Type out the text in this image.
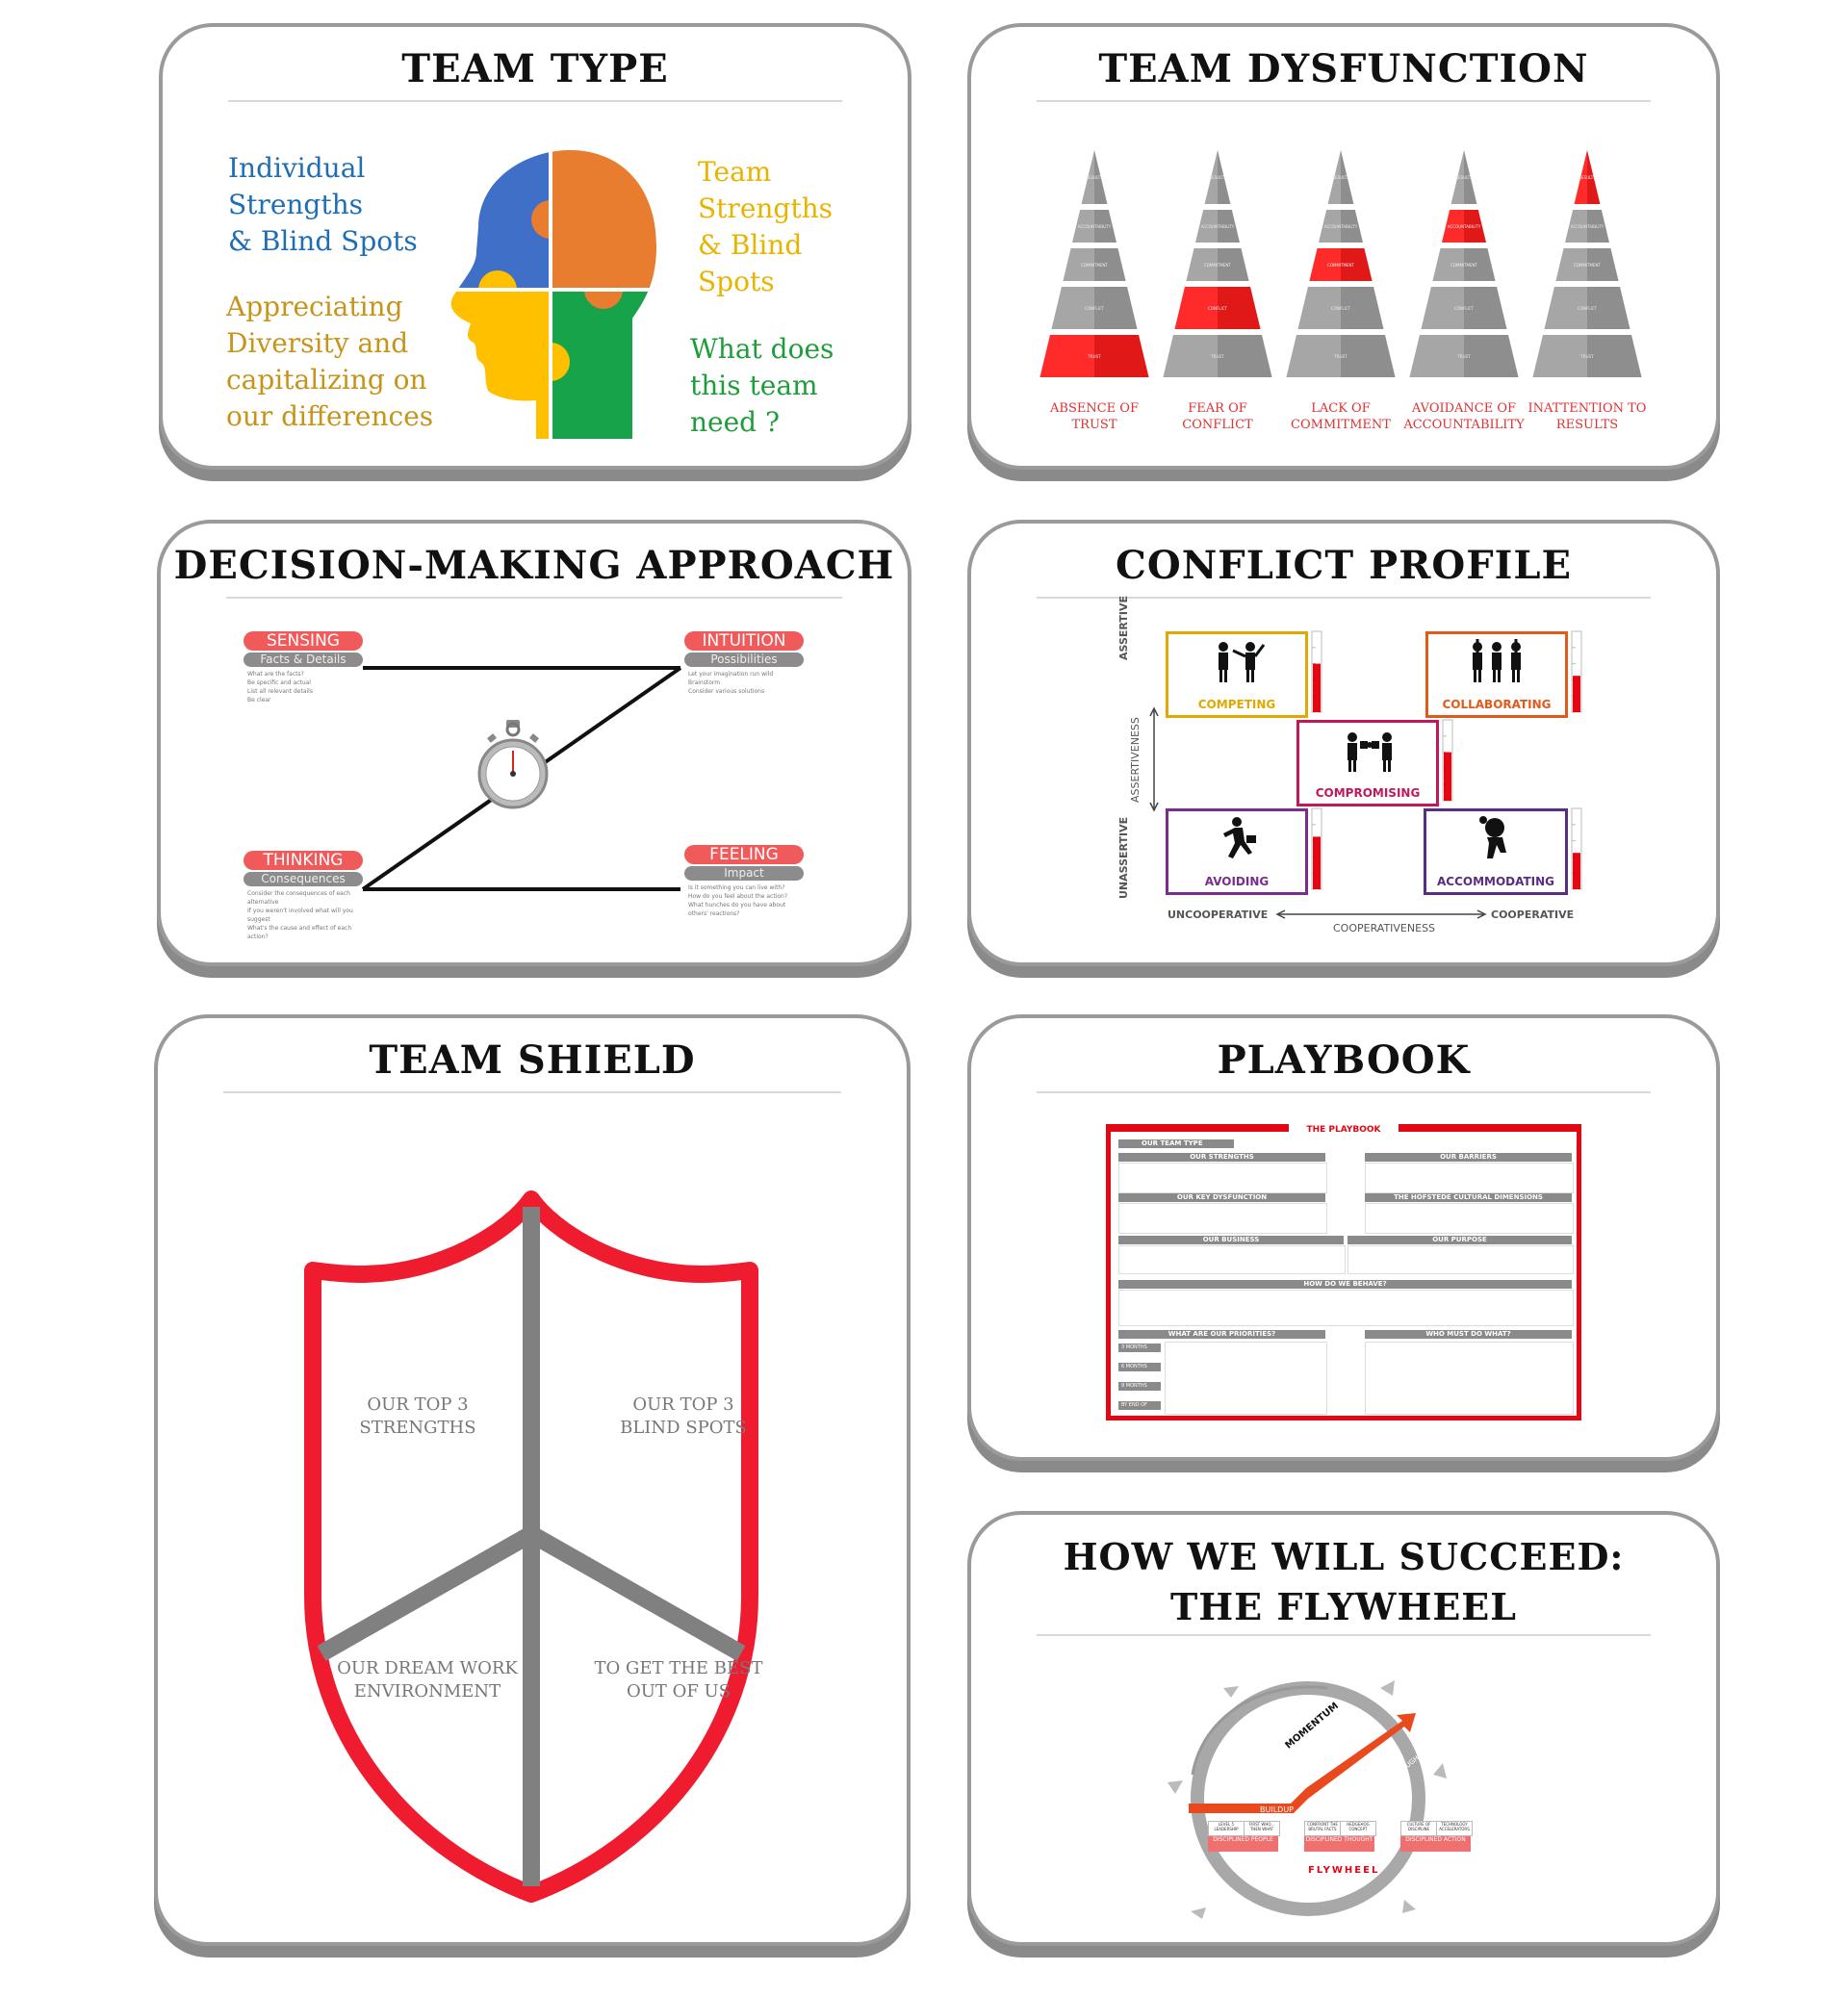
TEAM TYPE
Individual
Strengths
& Blind Spots
Appreciating
Diversity and
capitalizing on
our differences
Team
Strengths
& Blind
Spots
What does
this team
need ?
TEAM DYSFUNCTION
RESULTS
ACCOUNTABILITY
COMMITMENT
CONFLICT
TRUST
RESULTS
ACCOUNTABILITY
COMMITMENT
CONFLICT
TRUST
RESULTS
ACCOUNTABILITY
COMMITMENT
CONFLICT
TRUST
RESULTS
ACCOUNTABILITY
COMMITMENT
CONFLICT
TRUST
RESULTS
ACCOUNTABILITY
COMMITMENT
CONFLICT
TRUST
ABSENCE OF
TRUST
FEAR OF
CONFLICT
LACK OF
COMMITMENT
AVOIDANCE OF
ACCOUNTABILITY
INATTENTION TO
RESULTS
DECISION-MAKING APPROACH
SENSING
Facts & Details
What are the facts?
Be specific and actual
List all relevant details
Be clear
INTUITION
Possibilities
Let your imagination run wild
Brainstorm
Consider various solutions
THINKING
Consequences
Consider the consequences of each alternative
If you weren't involved what will you suggest
What's the cause and effect of each action?
FEELING
Impact
Is it something you can live with?
How do you feel about the action?
What hunches do you have about others' reactions?
CONFLICT PROFILE
ASSERTIVE
ASSERTIVENESS
UNASSERTIVE
UNCOOPERATIVE
COOPERATIVENESS
COOPERATIVE
COMPETING	COLLABORATING
COMPROMISING
AVOIDING	ACCOMMODATING
TEAM SHIELD
OUR TOP 3
STRENGTHS
OUR TOP 3
BLIND SPOTS
OUR DREAM WORK
ENVIRONMENT
TO GET THE BEST
OUT OF US
PLAYBOOK
THE PLAYBOOK
OUR TEAM TYPE
OUR STRENGTHS	OUR BARRIERS
OUR KEY DYSFUNCTION	THE HOFSTEDE CULTURAL DIMENSIONS
OUR BUSINESS	OUR PURPOSE
HOW DO WE BEHAVE?
WHAT ARE OUR PRIORITIES?	WHO MUST DO WHAT?
3 MONTHS
6 MONTHS
9 MONTHS
BY END OF 2020
HOW WE WILL SUCCEED:
THE FLYWHEEL
MOMENTUM
BUILDUP
BREAKTHROUGH
FLYWHEEL
LEVEL 5 LEADERSHIP
FIRST WHO... THEN WHAT
CONFRONT THE BRUTAL FACTS
HEDGEHOG CONCEPT
CULTURE OF DISCIPLINE
TECHNOLOGY ACCELERATORS
DISCIPLINED PEOPLE	DISCIPLINED THOUGHT	DISCIPLINED ACTION
